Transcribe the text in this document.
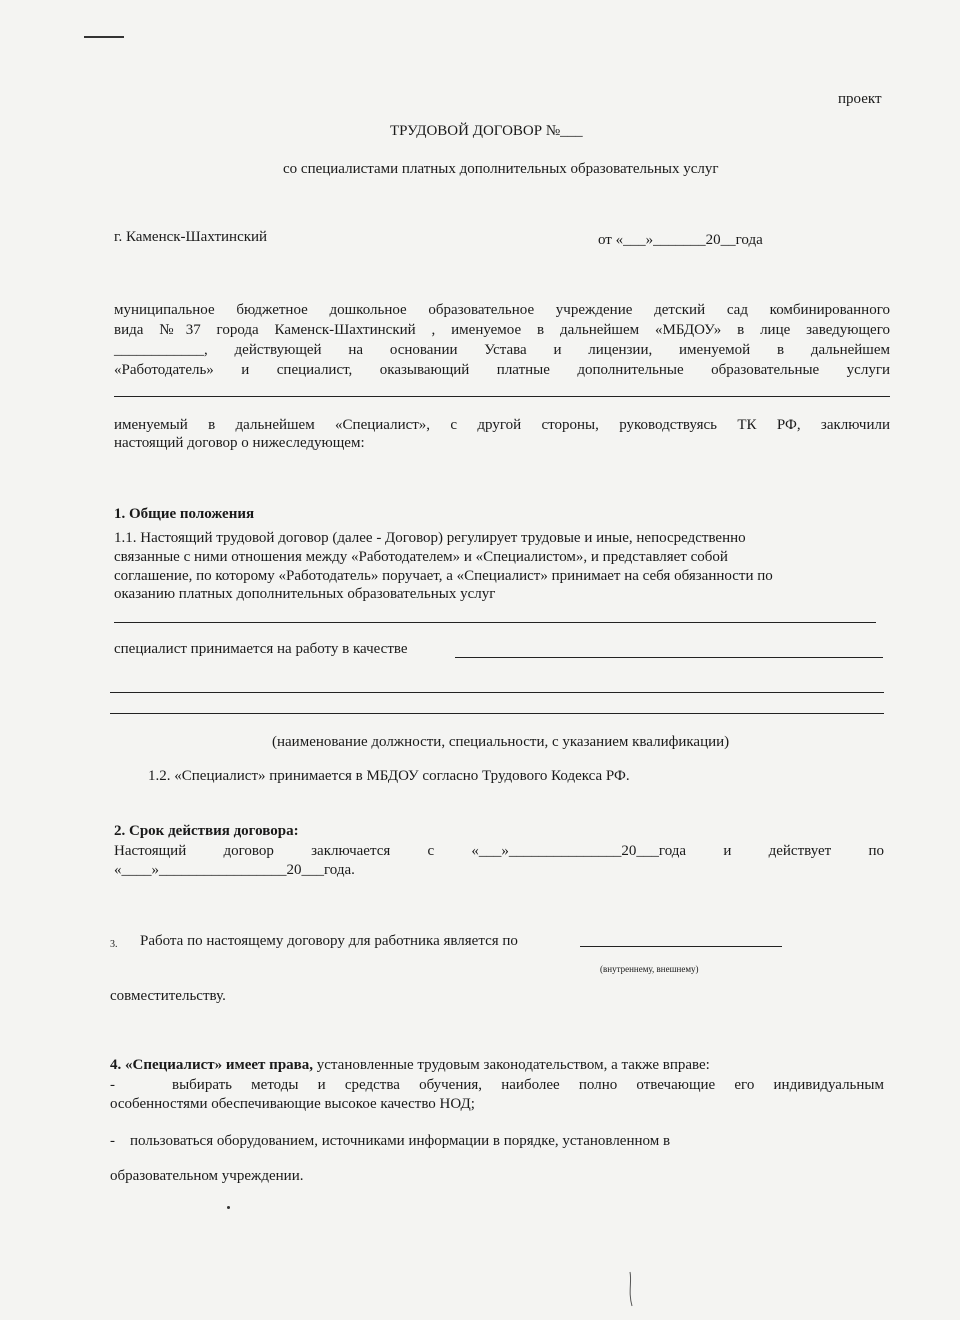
проект
ТРУДОВОЙ ДОГОВОР №___
со специалистами платных дополнительных образовательных услуг
г. Каменск-Шахтинский	от «___»_______20__года
муниципальное бюджетное дошкольное образовательное учреждение детский сад комбинированного
вида №37 города Каменск-Шахтинский , именуемое в дальнейшем «МБДОУ» в лице заведующего
____________, действующей на основании Устава и лицензии, именуемой в дальнейшем
«Работодатель» и специалист, оказывающий платные дополнительные образовательные услуги
именуемый в дальнейшем «Специалист», с другой стороны, руководствуясь ТК РФ, заключили
настоящий договор о нижеследующем:
1. Общие положения
1.1. Настоящий трудовой договор (далее - Договор) регулирует трудовые и иные, непосредственно
связанные с ними отношения между «Работодателем» и «Специалистом», и представляет собой
соглашение, по которому «Работодатель» поручает, а «Специалист» принимает на себя обязанности по
оказанию платных дополнительных образовательных услуг
специалист принимается на работу в качестве
(наименование должности, специальности, с указанием квалификации)
1.2. «Специалист» принимается в МБДОУ согласно Трудового Кодекса РФ.
2. Срок действия договора:
Настоящий договор заключается с «___»_______________20___года и действует по
«____»_________________20___года.
3. Работа по настоящему договору для работника является по
(внутреннему, внешнему)
совместительству.
4. «Специалист» имеет права, установленные трудовым законодательством, а также вправе:
-	выбирать методы и средства обучения, наиболее полно отвечающие его индивидуальным
особенностями обеспечивающие высокое качество НОД;
- пользоваться оборудованием, источниками информации в порядке, установленном в
образовательном учреждении.
